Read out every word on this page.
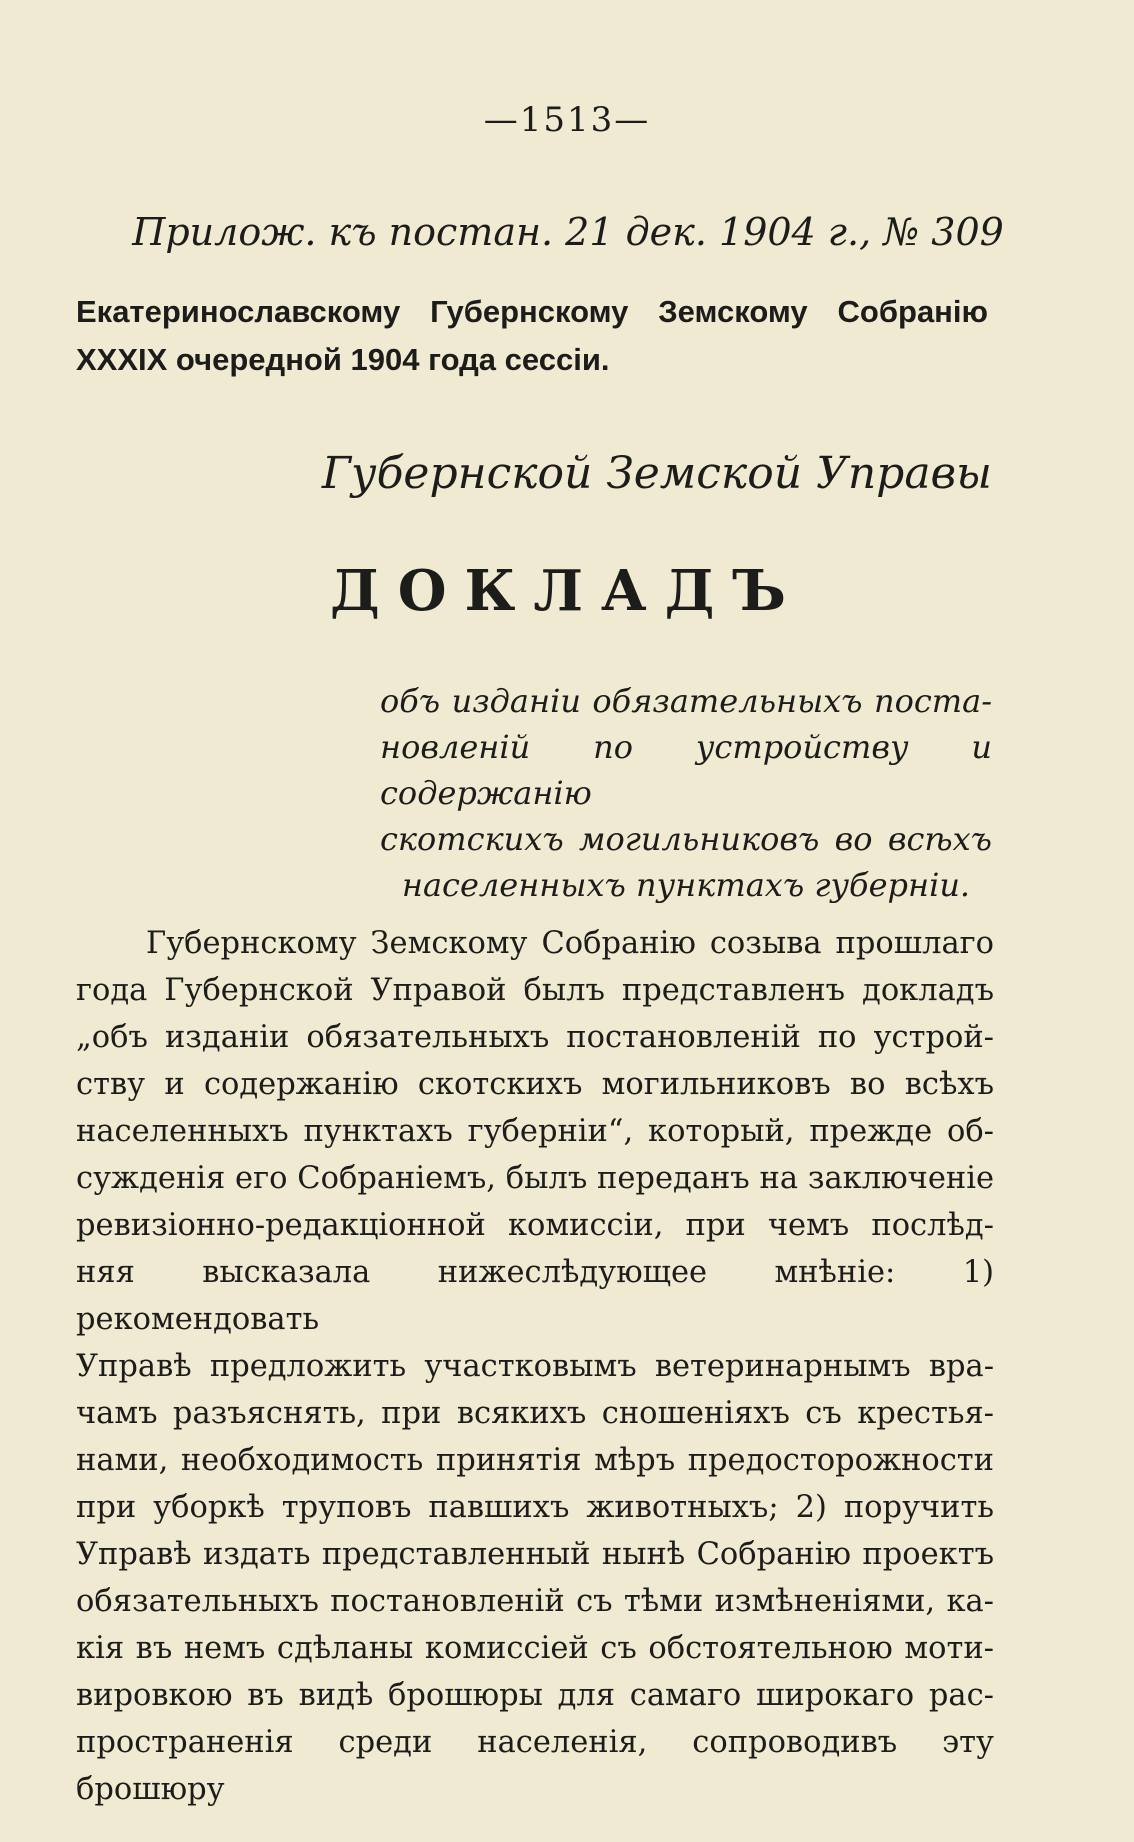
—1513—
Прилож. къ постан. 21 дек. 1904 г., № 309
Екатеринославскому Губернскому Земскому Собранію
XXXIX очередной 1904 года сессіи.
Губернской Земской Управы
ДОКЛАДЪ
объ изданіи обязательныхъ поста-
новленій по устройству и содержанію
скотскихъ могильниковъ во всѣхъ
населенныхъ пунктахъ губерніи.
Губернскому Земскому Собранію созыва прошлаго
года Губернской Управой былъ представленъ докладъ
„объ изданіи обязательныхъ постановленій по устрой-
ству и содержанію скотскихъ могильниковъ во всѣхъ
населенныхъ пунктахъ губерніи“, который, прежде об-
сужденія его Собраніемъ, былъ переданъ на заключеніе
ревизіонно-редакціонной комиссіи, при чемъ послѣд-
няя высказала нижеслѣдующее мнѣніе: 1) рекомендовать
Управѣ предложить участковымъ ветеринарнымъ вра-
чамъ разъяснять, при всякихъ сношеніяхъ съ крестья-
нами, необходимость принятія мѣръ предосторожности
при уборкѣ труповъ павшихъ животныхъ; 2) поручить
Управѣ издать представленный нынѣ Собранію проектъ
обязательныхъ постановленій съ тѣми измѣненіями, ка-
кія въ немъ сдѣланы комиссіей съ обстоятельною моти-
вировкою въ видѣ брошюры для самаго широкаго рас-
пространенія среди населенія, сопроводивъ эту брошюру
